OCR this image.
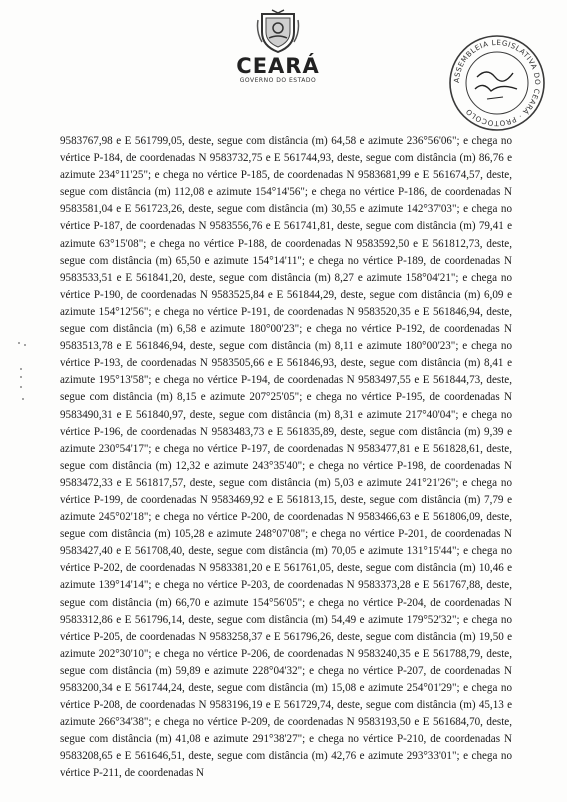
CEARÁ
GOVERNO DO ESTADO	ASSEMBLEIA LEGISLATIVA DO CEARÁ · PROTOCOLO

9583767,98 e E 561799,05, deste, segue com distância (m) 64,58 e azimute 236°56'06"; e chega no vértice P-184, de coordenadas N 9583732,75 e E 561744,93, deste, segue com distância (m) 86,76 e azimute 234°11'25"; e chega no vértice P-185, de coordenadas N 9583681,99 e E 561674,57, deste, segue com distância (m) 112,08 e azimute 154°14'56"; e chega no vértice P-186, de coordenadas N 9583581,04 e E 561723,26, deste, segue com distância (m) 30,55 e azimute 142°37'03"; e chega no vértice P-187, de coordenadas N 9583556,76 e E 561741,81, deste, segue com distância (m) 79,41 e azimute 63°15'08"; e chega no vértice P-188, de coordenadas N 9583592,50 e E 561812,73, deste, segue com distância (m) 65,50 e azimute 154°14'11"; e chega no vértice P-189, de coordenadas N 9583533,51 e E 561841,20, deste, segue com distância (m) 8,27 e azimute 158°04'21"; e chega no vértice P-190, de coordenadas N 9583525,84 e E 561844,29, deste, segue com distância (m) 6,09 e azimute 154°12'56"; e chega no vértice P-191, de coordenadas N 9583520,35 e E 561846,94, deste, segue com distância (m) 6,58 e azimute 180°00'23"; e chega no vértice P-192, de coordenadas N 9583513,78 e E 561846,94, deste, segue com distância (m) 8,11 e azimute 180°00'23"; e chega no vértice P-193, de coordenadas N 9583505,66 e E 561846,93, deste, segue com distância (m) 8,41 e azimute 195°13'58"; e chega no vértice P-194, de coordenadas N 9583497,55 e E 561844,73, deste, segue com distância (m) 8,15 e azimute 207°25'05"; e chega no vértice P-195, de coordenadas N 9583490,31 e E 561840,97, deste, segue com distância (m) 8,31 e azimute 217°40'04"; e chega no vértice P-196, de coordenadas N 9583483,73 e E 561835,89, deste, segue com distância (m) 9,39 e azimute 230°54'17"; e chega no vértice P-197, de coordenadas N 9583477,81 e E 561828,61, deste, segue com distância (m) 12,32 e azimute 243°35'40"; e chega no vértice P-198, de coordenadas N 9583472,33 e E 561817,57, deste, segue com distância (m) 5,03 e azimute 241°21'26"; e chega no vértice P-199, de coordenadas N 9583469,92 e E 561813,15, deste, segue com distância (m) 7,79 e azimute 245°02'18"; e chega no vértice P-200, de coordenadas N 9583466,63 e E 561806,09, deste, segue com distância (m) 105,28 e azimute 248°07'08"; e chega no vértice P-201, de coordenadas N 9583427,40 e E 561708,40, deste, segue com distância (m) 70,05 e azimute 131°15'44"; e chega no vértice P-202, de coordenadas N 9583381,20 e E 561761,05, deste, segue com distância (m) 10,46 e azimute 139°14'14"; e chega no vértice P-203, de coordenadas N 9583373,28 e E 561767,88, deste, segue com distância (m) 66,70 e azimute 154°56'05"; e chega no vértice P-204, de coordenadas N 9583312,86 e E 561796,14, deste, segue com distância (m) 54,49 e azimute 179°52'32"; e chega no vértice P-205, de coordenadas N 9583258,37 e E 561796,26, deste, segue com distância (m) 19,50 e azimute 202°30'10"; e chega no vértice P-206, de coordenadas N 9583240,35 e E 561788,79, deste, segue com distância (m) 59,89 e azimute 228°04'32"; e chega no vértice P-207, de coordenadas N 9583200,34 e E 561744,24, deste, segue com distância (m) 15,08 e azimute 254°01'29"; e chega no vértice P-208, de coordenadas N 9583196,19 e E 561729,74, deste, segue com distância (m) 45,13 e azimute 266°34'38"; e chega no vértice P-209, de coordenadas N 9583193,50 e E 561684,70, deste, segue com distância (m) 41,08 e azimute 291°38'27"; e chega no vértice P-210, de coordenadas N 9583208,65 e E 561646,51, deste, segue com distância (m) 42,76 e azimute 293°33'01"; e chega no vértice P-211, de coordenadas N
